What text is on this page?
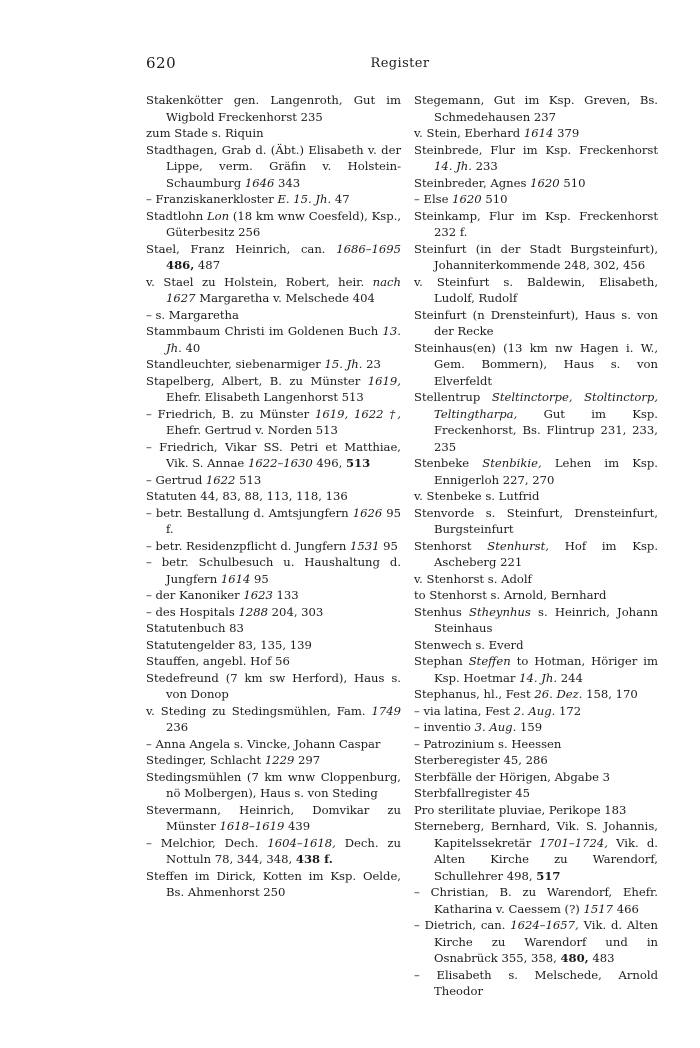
620	Register

Stakenkötter gen. Langenroth, Gut im Wigbold Freckenhorst 235

zum Stade s. Riquin

Stadthagen, Grab d. (Äbt.) Elisabeth v. der Lippe, verm. Gräfin v. Holstein-Schaumburg 1646 343

– Franziskanerkloster E. 15. Jh. 47

Stadtlohn Lon (18 km wnw Coesfeld), Ksp., Güterbesitz 256

Stael, Franz Heinrich, can. 1686–1695 486, 487

v. Stael zu Holstein, Robert, heir. nach 1627 Margaretha v. Melschede 404

– s. Margaretha

Stammbaum Christi im Goldenen Buch 13. Jh. 40

Standleuchter, siebenarmiger 15. Jh. 23

Stapelberg, Albert, B. zu Münster 1619, Ehefr. Elisabeth Langenhorst 513

– Friedrich, B. zu Münster 1619, 1622 †, Ehefr. Gertrud v. Norden 513

– Friedrich, Vikar SS. Petri et Matthiae, Vik. S. Annae 1622–1630 496, 513

– Gertrud 1622 513

Statuten 44, 83, 88, 113, 118, 136

– betr. Bestallung d. Amtsjungfern 1626 95 f.

– betr. Residenzpflicht d. Jungfern 1531 95

– betr. Schulbesuch u. Haushaltung d. Jungfern 1614 95

– der Kanoniker 1623 133

– des Hospitals 1288 204, 303

Statutenbuch 83

Statutengelder 83, 135, 139

Stauffen, angebl. Hof 56

Stedefreund (7 km sw Herford), Haus s. von Donop

v. Steding zu Stedingsmühlen, Fam. 1749 236

– Anna Angela s. Vincke, Johann Caspar

Stedinger, Schlacht 1229 297

Stedingsmühlen (7 km wnw Cloppenburg, nö Molbergen), Haus s. von Steding

Stevermann, Heinrich, Domvikar zu Münster 1618–1619 439

– Melchior, Dech. 1604–1618, Dech. zu Nottuln 78, 344, 348, 438 f.

Steffen im Dirick, Kotten im Ksp. Oelde, Bs. Ahmenhorst 250

Stegemann, Gut im Ksp. Greven, Bs. Schmedehausen 237

v. Stein, Eberhard 1614 379

Steinbrede, Flur im Ksp. Freckenhorst 14. Jh. 233

Steinbreder, Agnes 1620 510

– Else 1620 510

Steinkamp, Flur im Ksp. Freckenhorst 232 f.

Steinfurt (in der Stadt Burgsteinfurt), Johanniterkommende 248, 302, 456

v. Steinfurt s. Baldewin, Elisabeth, Ludolf, Rudolf

Steinfurt (n Drensteinfurt), Haus s. von der Recke

Steinhaus(en) (13 km nw Hagen i. W., Gem. Bommern), Haus s. von Elverfeldt

Stellentrup Steltinctorpe, Stoltinctorp, Teltingtharpa, Gut im Ksp. Freckenhorst, Bs. Flintrup 231, 233, 235

Stenbeke Stenbikie, Lehen im Ksp. Ennigerloh 227, 270

v. Stenbeke s. Lutfrid

Stenvorde s. Steinfurt, Drensteinfurt, Burgsteinfurt

Stenhorst Stenhurst, Hof im Ksp. Ascheberg 221

v. Stenhorst s. Adolf

to Stenhorst s. Arnold, Bernhard

Stenhus Stheynhus s. Heinrich, Johann Steinhaus

Stenwech s. Everd

Stephan Steffen to Hotman, Höriger im Ksp. Hoetmar 14. Jh. 244

Stephanus, hl., Fest 26. Dez. 158, 170

– via latina, Fest 2. Aug. 172

– inventio 3. Aug. 159

– Patrozinium s. Heessen

Sterberegister 45, 286

Sterbfälle der Hörigen, Abgabe 3

Sterbfallregister 45

Pro sterilitate pluviae, Perikope 183

Sterneberg, Bernhard, Vik. S. Johannis, Kapitelssekretär 1701–1724, Vik. d. Alten Kirche zu Warendorf, Schullehrer 498, 517

– Christian, B. zu Warendorf, Ehefr. Katharina v. Caessem (?) 1517 466

– Dietrich, can. 1624–1657, Vik. d. Alten Kirche zu Warendorf und in Osnabrück 355, 358, 480, 483

– Elisabeth s. Melschede, Arnold Theodor
